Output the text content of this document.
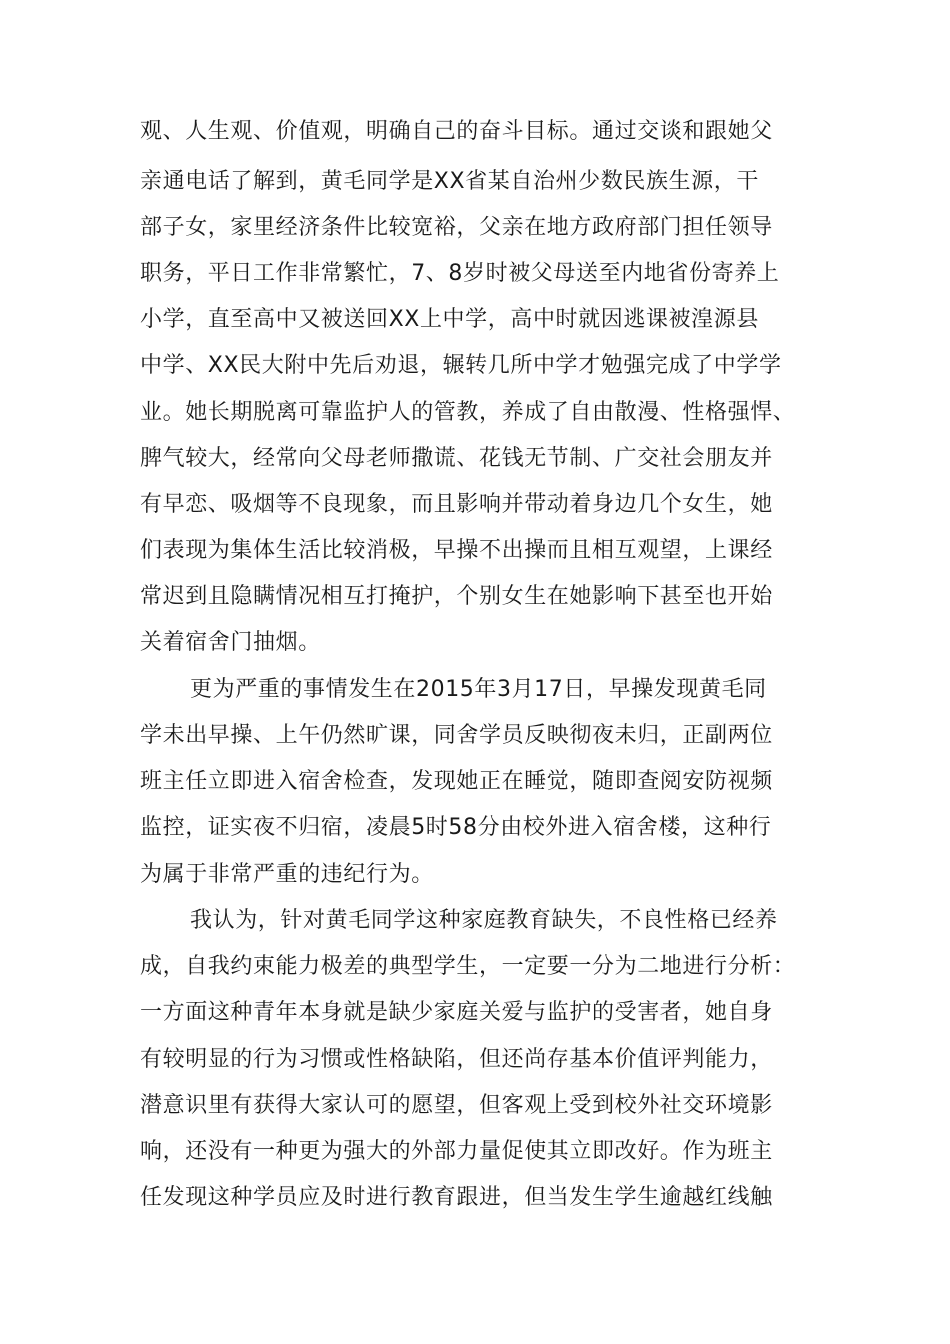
观、人生观、价值观，明确自己的奋斗目标。通过交谈和跟她父
亲通电话了解到，黄毛同学是XX省某自治州少数民族生源，干
部子女，家里经济条件比较宽裕，父亲在地方政府部门担任领导
职务，平日工作非常繁忙，7、8岁时被父母送至内地省份寄养上
小学，直至高中又被送回XX上中学，高中时就因逃课被湟源县
中学、XX民大附中先后劝退，辗转几所中学才勉强完成了中学学
业。她长期脱离可靠监护人的管教，养成了自由散漫、性格强悍、
脾气较大，经常向父母老师撒谎、花钱无节制、广交社会朋友并
有早恋、吸烟等不良现象，而且影响并带动着身边几个女生，她
们表现为集体生活比较消极，早操不出操而且相互观望，上课经
常迟到且隐瞒情况相互打掩护，个别女生在她影响下甚至也开始
关着宿舍门抽烟。
更为严重的事情发生在2015年3月17日，早操发现黄毛同
学未出早操、上午仍然旷课，同舍学员反映彻夜未归，正副两位
班主任立即进入宿舍检查，发现她正在睡觉，随即查阅安防视频
监控，证实夜不归宿，凌晨5时58分由校外进入宿舍楼，这种行
为属于非常严重的违纪行为。
我认为，针对黄毛同学这种家庭教育缺失，不良性格已经养
成，自我约束能力极差的典型学生，一定要一分为二地进行分析：
一方面这种青年本身就是缺少家庭关爱与监护的受害者，她自身
有较明显的行为习惯或性格缺陷，但还尚存基本价值评判能力，
潜意识里有获得大家认可的愿望，但客观上受到校外社交环境影
响，还没有一种更为强大的外部力量促使其立即改好。作为班主
任发现这种学员应及时进行教育跟进，但当发生学生逾越红线触
